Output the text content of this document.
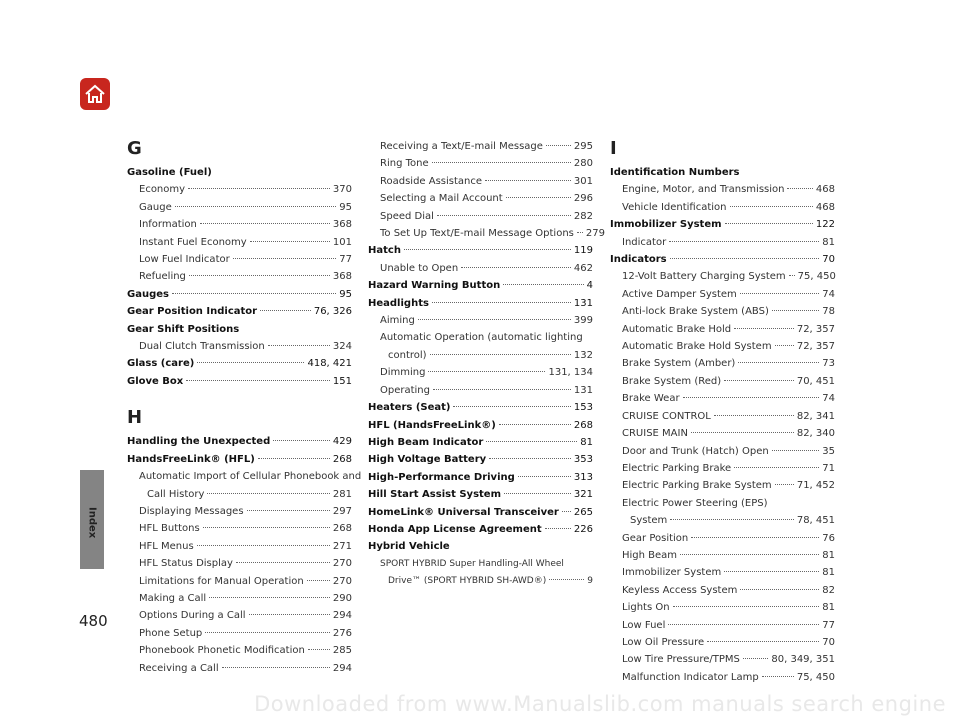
Index
G
Gasoline (Fuel)
Economy	370
Gauge	95
Information	368
Instant Fuel Economy	101
Low Fuel Indicator	77
Refueling	368
Gauges	95
Gear Position Indicator	76, 326
Gear Shift Positions
Dual Clutch Transmission	324
Glass (care)	418, 421
Glove Box	151
H
Handling the Unexpected	429
HandsFreeLink® (HFL)	268
Automatic Import of Cellular Phonebook and
Call History	281
Displaying Messages	297
HFL Buttons	268
HFL Menus	271
HFL Status Display	270
Limitations for Manual Operation	270
Making a Call	290
Options During a Call	294
Phone Setup	276
Phonebook Phonetic Modification	285
Receiving a Call	294
Receiving a Text/E-mail Message	295
Ring Tone	280
Roadside Assistance	301
Selecting a Mail Account	296
Speed Dial	282
To Set Up Text/E-mail Message Options 279
Hatch	119
Unable to Open	462
Hazard Warning Button	4
Headlights	131
Aiming	399
Automatic Operation (automatic lighting
control)	132
Dimming	131, 134
Operating	131
Heaters (Seat)	153
HFL (HandsFreeLink®)	268
High Beam Indicator	81
High Voltage Battery	353
High-Performance Driving	313
Hill Start Assist System	321
HomeLink® Universal Transceiver 265
Honda App License Agreement	226
Hybrid Vehicle
SPORT HYBRID Super Handling-All Wheel
Drive™ (SPORT HYBRID SH-AWD®)	9
I
Identification Numbers
Engine, Motor, and Transmission	468
Vehicle Identification	468
Immobilizer System	122
Indicator	81
Indicators	70
12-Volt Battery Charging System 75, 450
Active Damper System	74
Anti-lock Brake System (ABS)	78
Automatic Brake Hold	72, 357
Automatic Brake Hold System	72, 357
Brake System (Amber)	73
Brake System (Red)	70, 451
Brake Wear	74
CRUISE CONTROL	82, 341
CRUISE MAIN	82, 340
Door and Trunk (Hatch) Open	35
Electric Parking Brake	71
Electric Parking Brake System	71, 452
Electric Power Steering (EPS)
System	78, 451
Gear Position	76
High Beam	81
Immobilizer System	81
Keyless Access System	82
Lights On	81
Low Fuel	77
Low Oil Pressure	70
Low Tire Pressure/TPMS	80, 349, 351
Malfunction Indicator Lamp	75, 450
480
Downloaded from www.Manualslib.com manuals search engine
